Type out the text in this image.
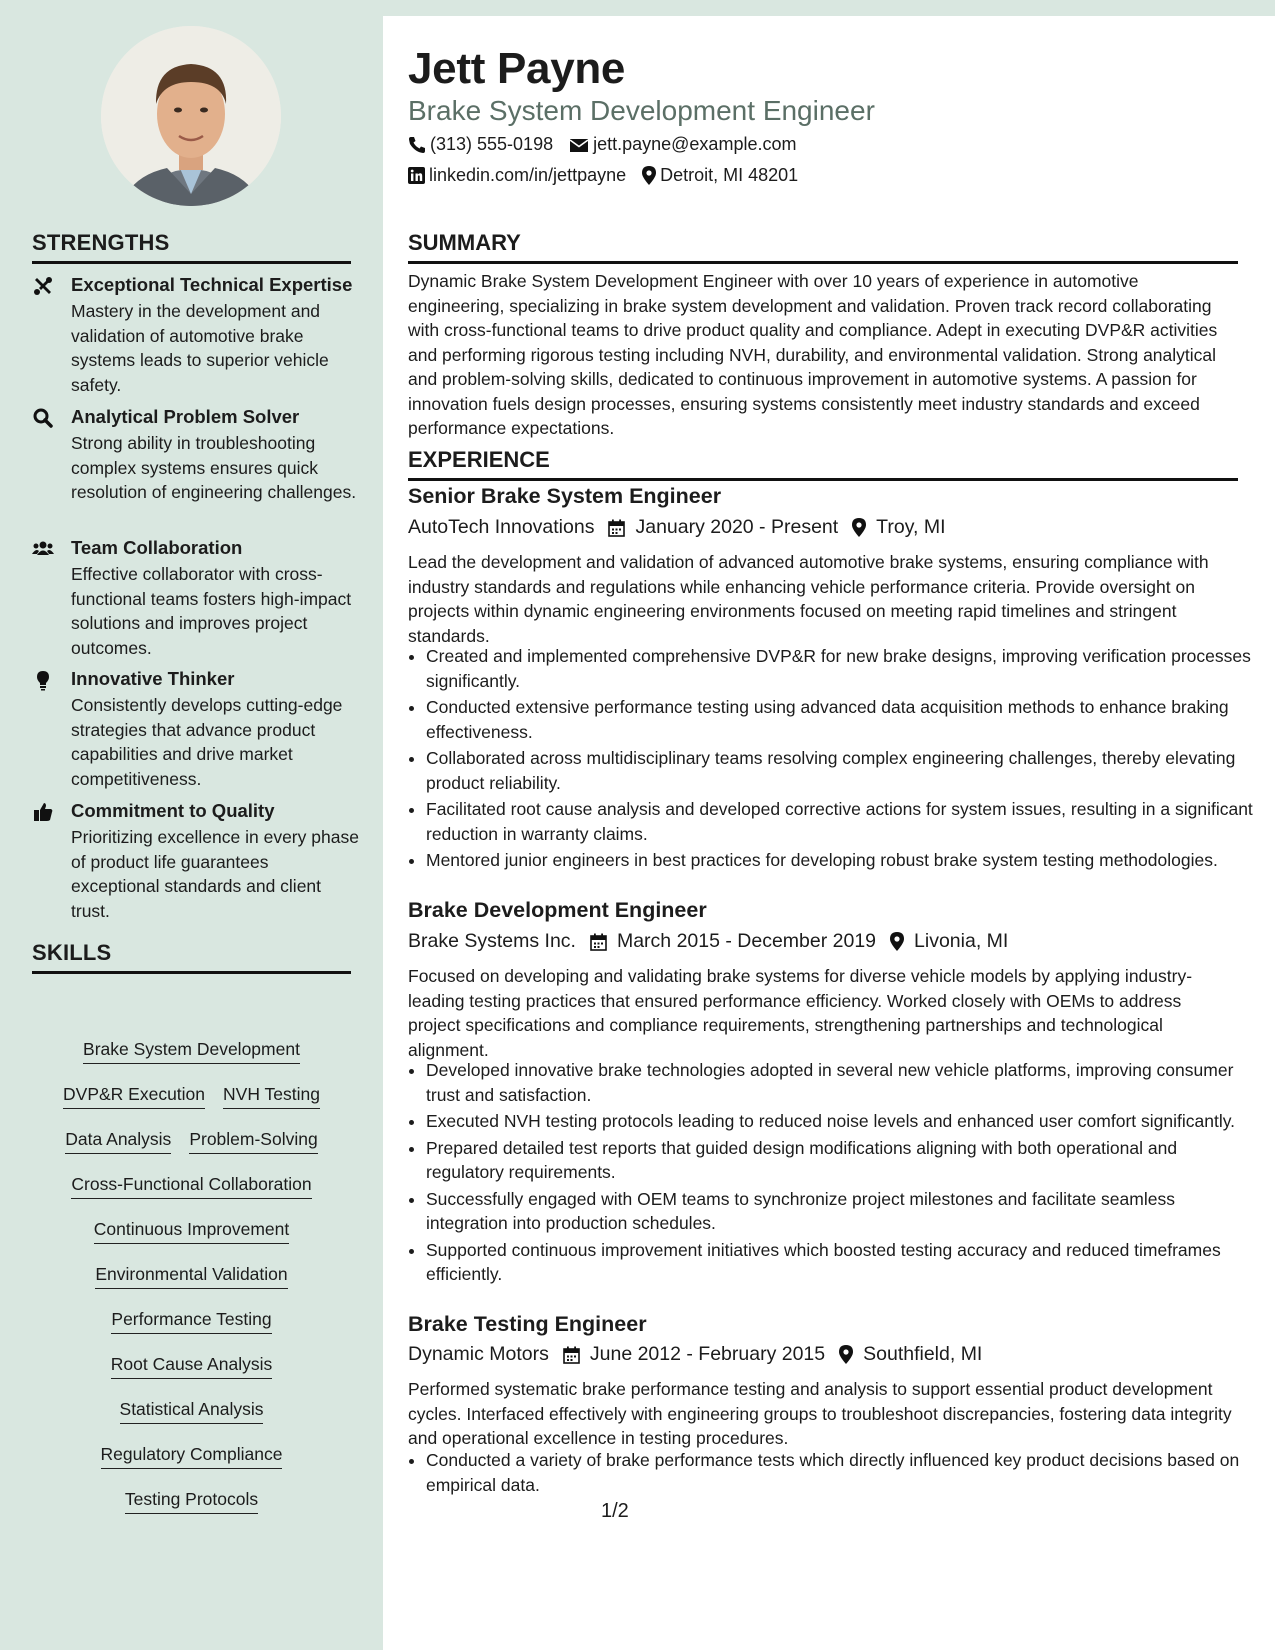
STRENGTHS
Exceptional Technical Expertise
Mastery in the development and validation of automotive brake systems leads to superior vehicle safety.
Analytical Problem Solver
Strong ability in troubleshooting complex systems ensures quick resolution of engineering challenges.
Team Collaboration
Effective collaborator with cross-functional teams fosters high-impact solutions and improves project outcomes.
Innovative Thinker
Consistently develops cutting-edge strategies that advance product capabilities and drive market competitiveness.
Commitment to Quality
Prioritizing excellence in every phase of product life guarantees exceptional standards and client trust.
SKILLS
Brake System Development
DVP&R Execution NVH Testing
Data Analysis Problem-Solving
Cross-Functional Collaboration
Continuous Improvement
Environmental Validation
Performance Testing
Root Cause Analysis
Statistical Analysis
Regulatory Compliance
Testing Protocols
Jett Payne
Brake System Development Engineer
(313) 555-0198 jett.payne@example.com
linkedin.com/in/jettpayne Detroit, MI 48201
SUMMARY
Dynamic Brake System Development Engineer with over 10 years of experience in automotive engineering, specializing in brake system development and validation. Proven track record collaborating with cross-functional teams to drive product quality and compliance. Adept in executing DVP&R activities and performing rigorous testing including NVH, durability, and environmental validation. Strong analytical and problem-solving skills, dedicated to continuous improvement in automotive systems. A passion for innovation fuels design processes, ensuring systems consistently meet industry standards and exceed performance expectations.
EXPERIENCE
Senior Brake System Engineer
AutoTech Innovations January 2020 - Present Troy, MI
Lead the development and validation of advanced automotive brake systems, ensuring compliance with industry standards and regulations while enhancing vehicle performance criteria. Provide oversight on projects within dynamic engineering environments focused on meeting rapid timelines and stringent standards.
• Created and implemented comprehensive DVP&R for new brake designs, improving verification processes significantly.
• Conducted extensive performance testing using advanced data acquisition methods to enhance braking effectiveness.
• Collaborated across multidisciplinary teams resolving complex engineering challenges, thereby elevating product reliability.
• Facilitated root cause analysis and developed corrective actions for system issues, resulting in a significant reduction in warranty claims.
• Mentored junior engineers in best practices for developing robust brake system testing methodologies.
Brake Development Engineer
Brake Systems Inc. March 2015 - December 2019 Livonia, MI
Focused on developing and validating brake systems for diverse vehicle models by applying industry-leading testing practices that ensured performance efficiency. Worked closely with OEMs to address project specifications and compliance requirements, strengthening partnerships and technological alignment.
• Developed innovative brake technologies adopted in several new vehicle platforms, improving consumer trust and satisfaction.
• Executed NVH testing protocols leading to reduced noise levels and enhanced user comfort significantly.
• Prepared detailed test reports that guided design modifications aligning with both operational and regulatory requirements.
• Successfully engaged with OEM teams to synchronize project milestones and facilitate seamless integration into production schedules.
• Supported continuous improvement initiatives which boosted testing accuracy and reduced timeframes efficiently.
Brake Testing Engineer
Dynamic Motors June 2012 - February 2015 Southfield, MI
Performed systematic brake performance testing and analysis to support essential product development cycles. Interfaced effectively with engineering groups to troubleshoot discrepancies, fostering data integrity and operational excellence in testing procedures.
• Conducted a variety of brake performance tests which directly influenced key product decisions based on empirical data.
1/2
